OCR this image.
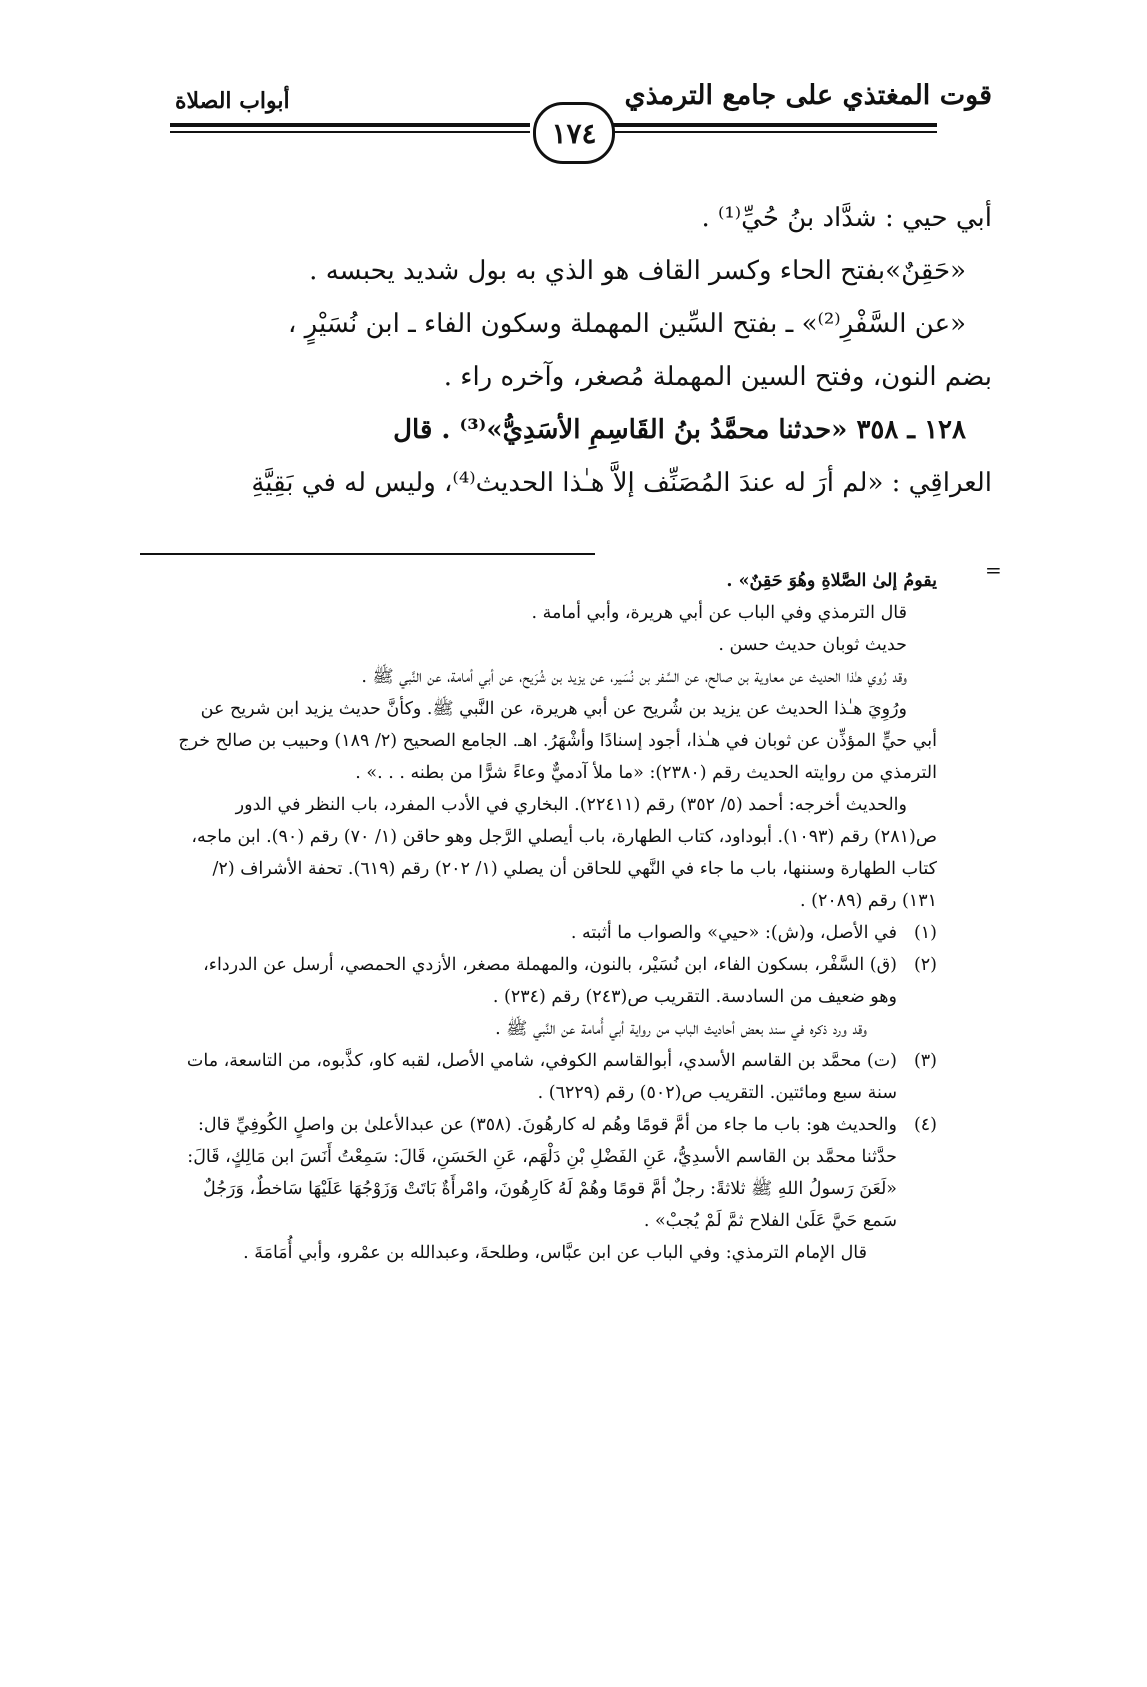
قوت المغتذي على جامع الترمذي
أبواب الصلاة
١٧٤

أبي حيي : شدَّاد بنُ حُيِّ⁽¹⁾ .

«حَقِنٌ»بفتح الحاء وكسر القاف هو الذي به بول شديد يحبسه .

«عن السَّفْرِ⁽²⁾» ـ بفتح السِّين المهملة وسكون الفاء ـ ابن نُسَيْرٍ ،

بضم النون، وفتح السين المهملة مُصغر، وآخره راء .

١٢٨ ـ ٣٥٨ «حدثنا محمَّدُ بنُ القَاسِمِ الأسَدِيُّ»⁽³⁾ . قال

العراقِي : «لم أرَ له عندَ المُصَنِّف إلاَّ هـٰذا الحديث⁽⁴⁾، وليس له في بَقِيَّةِ

=

يقومُ إلىٰ الصَّلاةِ وهُوَ حَقِنٌ» .

قال الترمذي وفي الباب عن أبي هريرة، وأبي أمامة .

حديث ثوبان حديث حسن .

وقد رُوي هـٰذا الحديث عن معاوية بن صالح، عن السَّفر بن نُسَير، عن يزيد بن شُرَيح، عن أبي أمامة، عن النَّبي ﷺ .

ورُوِيَ هـٰذا الحديث عن يزيد بن شُريح عن أبي هريرة، عن النَّبي ﷺ. وكأنَّ حديث يزيد ابن شريح عن أبي حيٍّ المؤذِّن عن ثوبان في هـٰذا، أجود إسنادًا وأشْهَرُ. اهـ. الجامع الصحيح (٢/ ١٨٩) وحبيب بن صالح خرج الترمذي من روايته الحديث رقم (٢٣٨٠): «ما ملأ آدميٌّ وعاءً شرًّا من بطنه . . .» .

والحديث أخرجه: أحمد (٥/ ٣٥٢) رقم (٢٢٤١١). البخاري في الأدب المفرد، باب النظر في الدور ص(٢٨١) رقم (١٠٩٣). أبوداود، كتاب الطهارة، باب أيصلي الرَّجل وهو حاقن (١/ ٧٠) رقم (٩٠). ابن ماجه، كتاب الطهارة وسننها، باب ما جاء في النَّهي للحاقن أن يصلي (١/ ٢٠٢) رقم (٦١٩). تحفة الأشراف (٢/ ١٣١) رقم (٢٠٨٩) .

(١)

في الأصل، و(ش): «حيي» والصواب ما أثبته .

(٢)

(ق) السَّفْر، بسكون الفاء، ابن نُسَيْر، بالنون، والمهملة مصغر، الأزدي الحمصي، أرسل عن الدرداء، وهو ضعيف من السادسة. التقريب ص(٢٤٣) رقم (٢٣٤) .

وقد ورد ذكره في سند بعض أحاديث الباب من رواية أبي أُمامة عن النَّبي ﷺ .

(٣)

(ت) محمَّد بن القاسم الأسدي، أبوالقاسم الكوفي، شامي الأصل، لقبه كاو، كذَّبوه، من التاسعة، مات سنة سبع ومائتين. التقريب ص(٥٠٢) رقم (٦٢٢٩) .

(٤)

والحديث هو: باب ما جاء من أمَّ قومًا وهُم له كارهُونَ. (٣٥٨) عن عبدالأعلىٰ بن واصلٍ الكُوفِيِّ قال: حدَّثنا محمَّد بن القاسم الأسدِيُّ، عَنِ الفَضْلِ بْنِ دَلْهَم، عَنِ الحَسَنِ، قَالَ: سَمِعْتُ أَنَسَ ابن مَالِكٍ، قَالَ: «لَعَنَ رَسولُ اللهِ ﷺ ثلاثةً: رجلٌ أمَّ قومًا وهُمْ لَهُ كَارِهُونَ، وامْرأَةٌ بَاتَتْ وَزَوْجُهَا عَلَيْهَا سَاخطٌ، وَرَجُلٌ سَمع حَيَّ عَلَىٰ الفلاح ثمَّ لَمْ يُجبْ» .

قال الإمام الترمذي: وفي الباب عن ابن عبَّاس، وطلحةَ، وعبدالله بن عمْرو، وأبي أُمَامَةَ .
